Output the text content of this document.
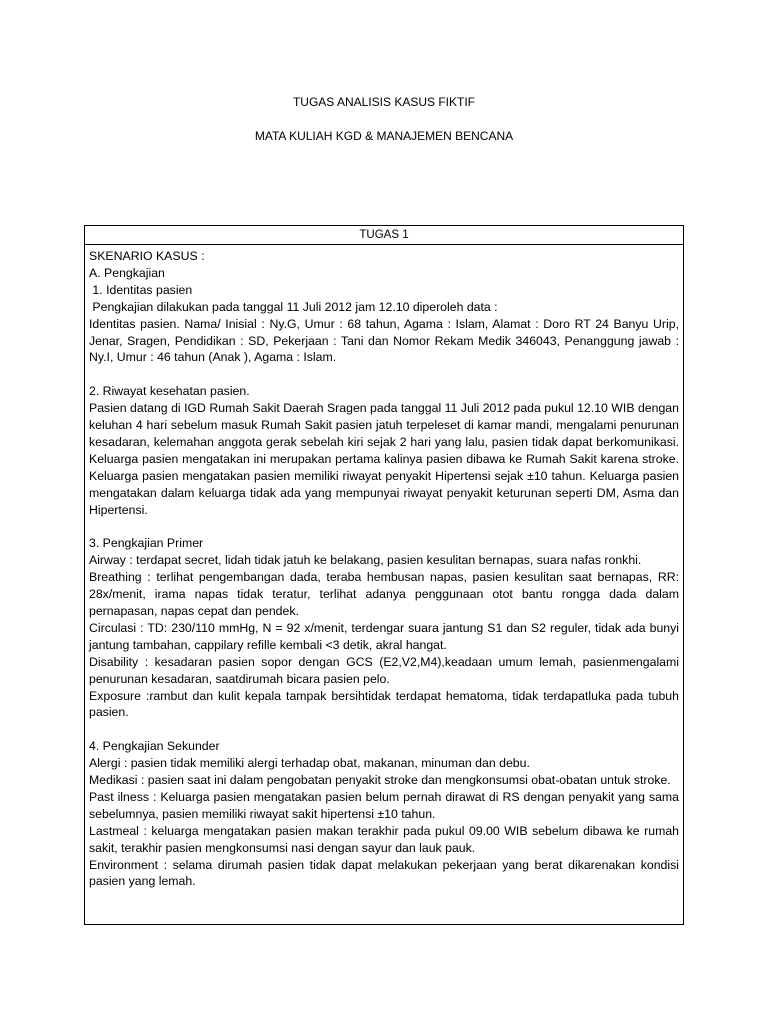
TUGAS ANALISIS KASUS FIKTIF
MATA KULIAH KGD & MANAJEMEN BENCANA
TUGAS 1
SKENARIO KASUS :
A. Pengkajian
1. Identitas pasien
Pengkajian dilakukan pada tanggal 11 Juli 2012 jam 12.10 diperoleh data :
Identitas pasien. Nama/ Inisial : Ny.G, Umur : 68 tahun, Agama : Islam, Alamat : Doro RT 24 Banyu Urip, Jenar, Sragen, Pendidikan : SD, Pekerjaan : Tani dan Nomor Rekam Medik 346043, Penanggung jawab : Ny.I, Umur : 46 tahun (Anak ), Agama : Islam.
2. Riwayat kesehatan pasien.
Pasien datang di IGD Rumah Sakit Daerah Sragen pada tanggal 11 Juli 2012 pada pukul 12.10 WIB dengan keluhan 4 hari sebelum masuk Rumah Sakit pasien jatuh terpeleset di kamar mandi, mengalami penurunan kesadaran, kelemahan anggota gerak sebelah kiri sejak 2 hari yang lalu, pasien tidak dapat berkomunikasi. Keluarga pasien mengatakan ini merupakan pertama kalinya pasien dibawa ke Rumah Sakit karena stroke. Keluarga pasien mengatakan pasien memiliki riwayat penyakit Hipertensi sejak ±10 tahun. Keluarga pasien mengatakan dalam keluarga tidak ada yang mempunyai riwayat penyakit keturunan seperti DM, Asma dan Hipertensi.
3. Pengkajian Primer
Airway : terdapat secret, lidah tidak jatuh ke belakang, pasien kesulitan bernapas, suara nafas ronkhi.
Breathing : terlihat pengembangan dada, teraba hembusan napas, pasien kesulitan saat bernapas, RR: 28x/menit, irama napas tidak teratur, terlihat adanya penggunaan otot bantu rongga dada dalam pernapasan, napas cepat dan pendek.
Circulasi : TD: 230/110 mmHg, N = 92 x/menit, terdengar suara jantung S1 dan S2 reguler, tidak ada bunyi jantung tambahan, cappilary refille kembali <3 detik, akral hangat.
Disability : kesadaran pasien sopor dengan GCS (E2,V2,M4),keadaan umum lemah, pasienmengalami penurunan kesadaran, saatdirumah bicara pasien pelo.
Exposure :rambut dan kulit kepala tampak bersihtidak terdapat hematoma, tidak terdapatluka pada tubuh pasien.
4. Pengkajian Sekunder
Alergi : pasien tidak memiliki alergi terhadap obat, makanan, minuman dan debu.
Medikasi : pasien saat ini dalam pengobatan penyakit stroke dan mengkonsumsi obat-obatan untuk stroke.
Past ilness : Keluarga pasien mengatakan pasien belum pernah dirawat di RS dengan penyakit yang sama sebelumnya, pasien memiliki riwayat sakit hipertensi ±10 tahun.
Lastmeal : keluarga mengatakan pasien makan terakhir pada pukul 09.00 WIB sebelum dibawa ke rumah sakit, terakhir pasien mengkonsumsi nasi dengan sayur dan lauk pauk.
Environment : selama dirumah pasien tidak dapat melakukan pekerjaan yang berat dikarenakan kondisi pasien yang lemah.
